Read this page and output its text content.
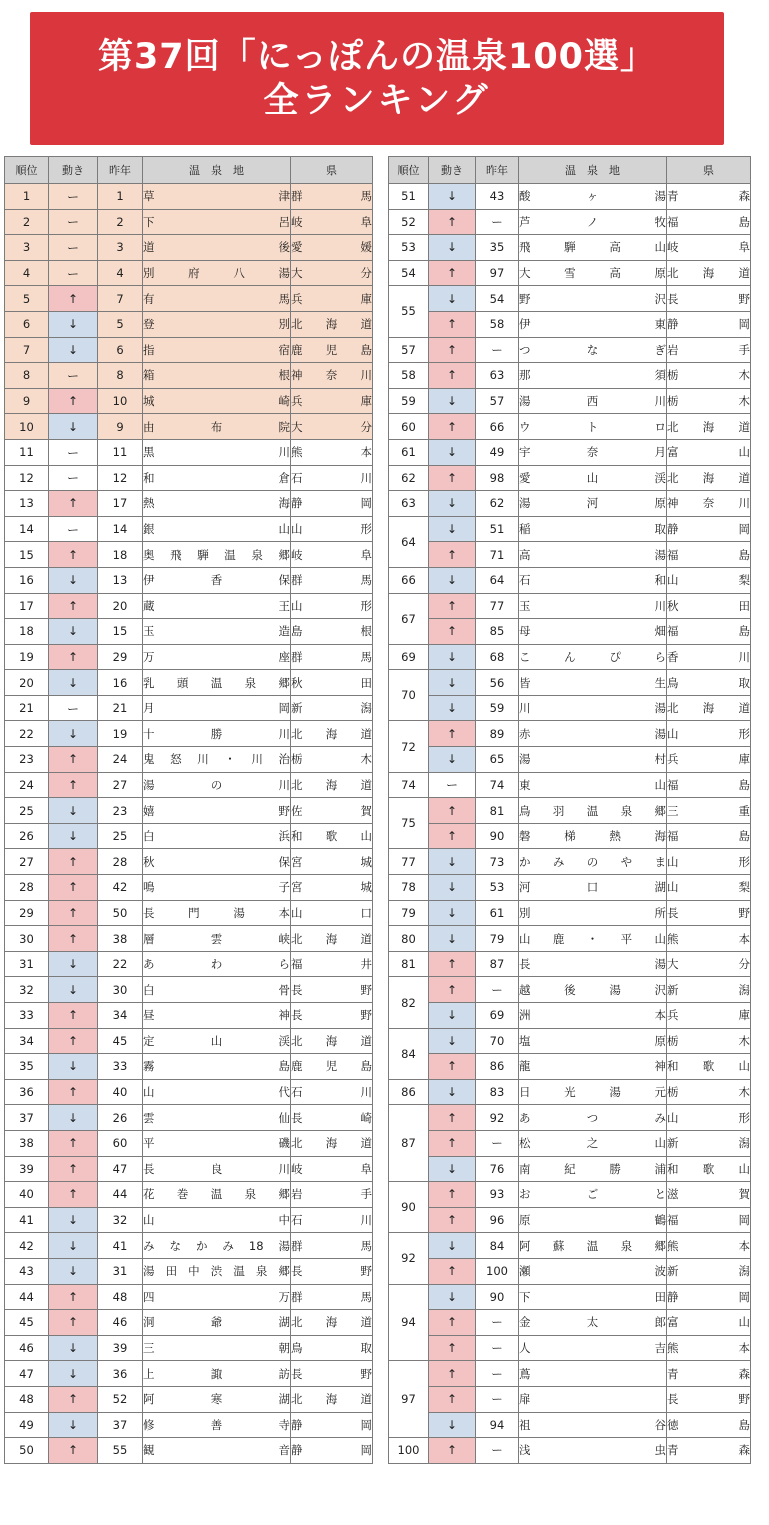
第37回「にっぽんの温泉100選」
全ランキング
順位	動き	昨年	温　泉　地	県
1	ー	1	草津	群馬
2	ー	2	下呂	岐阜
3	ー	3	道後	愛媛
4	ー	4	別府八湯	大分
5	↑	7	有馬	兵庫
6	↓	5	登別	北海道
7	↓	6	指宿	鹿児島
8	ー	8	箱根	神奈川
9	↑	10	城崎	兵庫
10	↓	9	由布院	大分
11	ー	11	黒川	熊本
12	ー	12	和倉	石川
13	↑	17	熱海	静岡
14	ー	14	銀山	山形
15	↑	18	奥飛騨温泉郷	岐阜
16	↓	13	伊香保	群馬
17	↑	20	蔵王	山形
18	↓	15	玉造	島根
19	↑	29	万座	群馬
20	↓	16	乳頭温泉郷	秋田
21	ー	21	月岡	新潟
22	↓	19	十勝川	北海道
23	↑	24	鬼怒川・川治	栃木
24	↑	27	湯の川	北海道
25	↓	23	嬉野	佐賀
26	↓	25	白浜	和歌山
27	↑	28	秋保	宮城
28	↑	42	鳴子	宮城
29	↑	50	長門湯本	山口
30	↑	38	層雲峡	北海道
31	↓	22	あわら	福井
32	↓	30	白骨	長野
33	↑	34	昼神	長野
34	↑	45	定山渓	北海道
35	↓	33	霧島	鹿児島
36	↑	40	山代	石川
37	↓	26	雲仙	長崎
38	↑	60	平磯	北海道
39	↑	47	長良川	岐阜
40	↑	44	花巻温泉郷	岩手
41	↓	32	山中	石川
42	↓	41	みなかみ18湯	群馬
43	↓	31	湯田中渋温泉郷	長野
44	↑	48	四万	群馬
45	↑	46	洞爺湖	北海道
46	↓	39	三朝	鳥取
47	↓	36	上諏訪	長野
48	↑	52	阿寒湖	北海道
49	↓	37	修善寺	静岡
50	↑	55	観音	静岡
順位	動き	昨年	温　泉　地	県
51	↓	43	酸ヶ湯	青森
52	↑	ー	芦ノ牧	福島
53	↓	35	飛騨高山	岐阜
54	↑	97	大雪高原	北海道
55	↓	54	野沢	長野
	↑	58	伊東	静岡
57	↑	ー	つなぎ	岩手
58	↑	63	那須	栃木
59	↓	57	湯西川	栃木
60	↑	66	ウトロ	北海道
61	↓	49	宇奈月	富山
62	↑	98	愛山渓	北海道
63	↓	62	湯河原	神奈川
64	↓	51	稲取	静岡
	↑	71	高湯	福島
66	↓	64	石和	山梨
67	↑	77	玉川	秋田
	↑	85	母畑	福島
69	↓	68	こんぴら	香川
70	↓	56	皆生	鳥取
	↓	59	川湯	北海道
72	↑	89	赤湯	山形
	↓	65	湯村	兵庫
74	ー	74	東山	福島
75	↑	81	鳥羽温泉郷	三重
	↑	90	磐梯熱海	福島
77	↓	73	かみのやま	山形
78	↓	53	河口湖	山梨
79	↓	61	別所	長野
80	↓	79	山鹿・平山	熊本
81	↑	87	長湯	大分
82	↑	ー	越後湯沢	新潟
	↓	69	洲本	兵庫
84	↓	70	塩原	栃木
	↑	86	龍神	和歌山
86	↓	83	日光湯元	栃木
87	↑	92	あつみ	山形
	↑	ー	松之山	新潟
	↓	76	南紀勝浦	和歌山
90	↑	93	おごと	滋賀
	↑	96	原鶴	福岡
92	↓	84	阿蘇温泉郷	熊本
	↑	100	瀬波	新潟
94	↓	90	下田	静岡
	↑	ー	金太郎	富山
	↑	ー	人吉	熊本
97	↑	ー	蔦	青森
	↑	ー	扉	長野
	↓	94	祖谷	徳島
100	↑	ー	浅虫	青森
